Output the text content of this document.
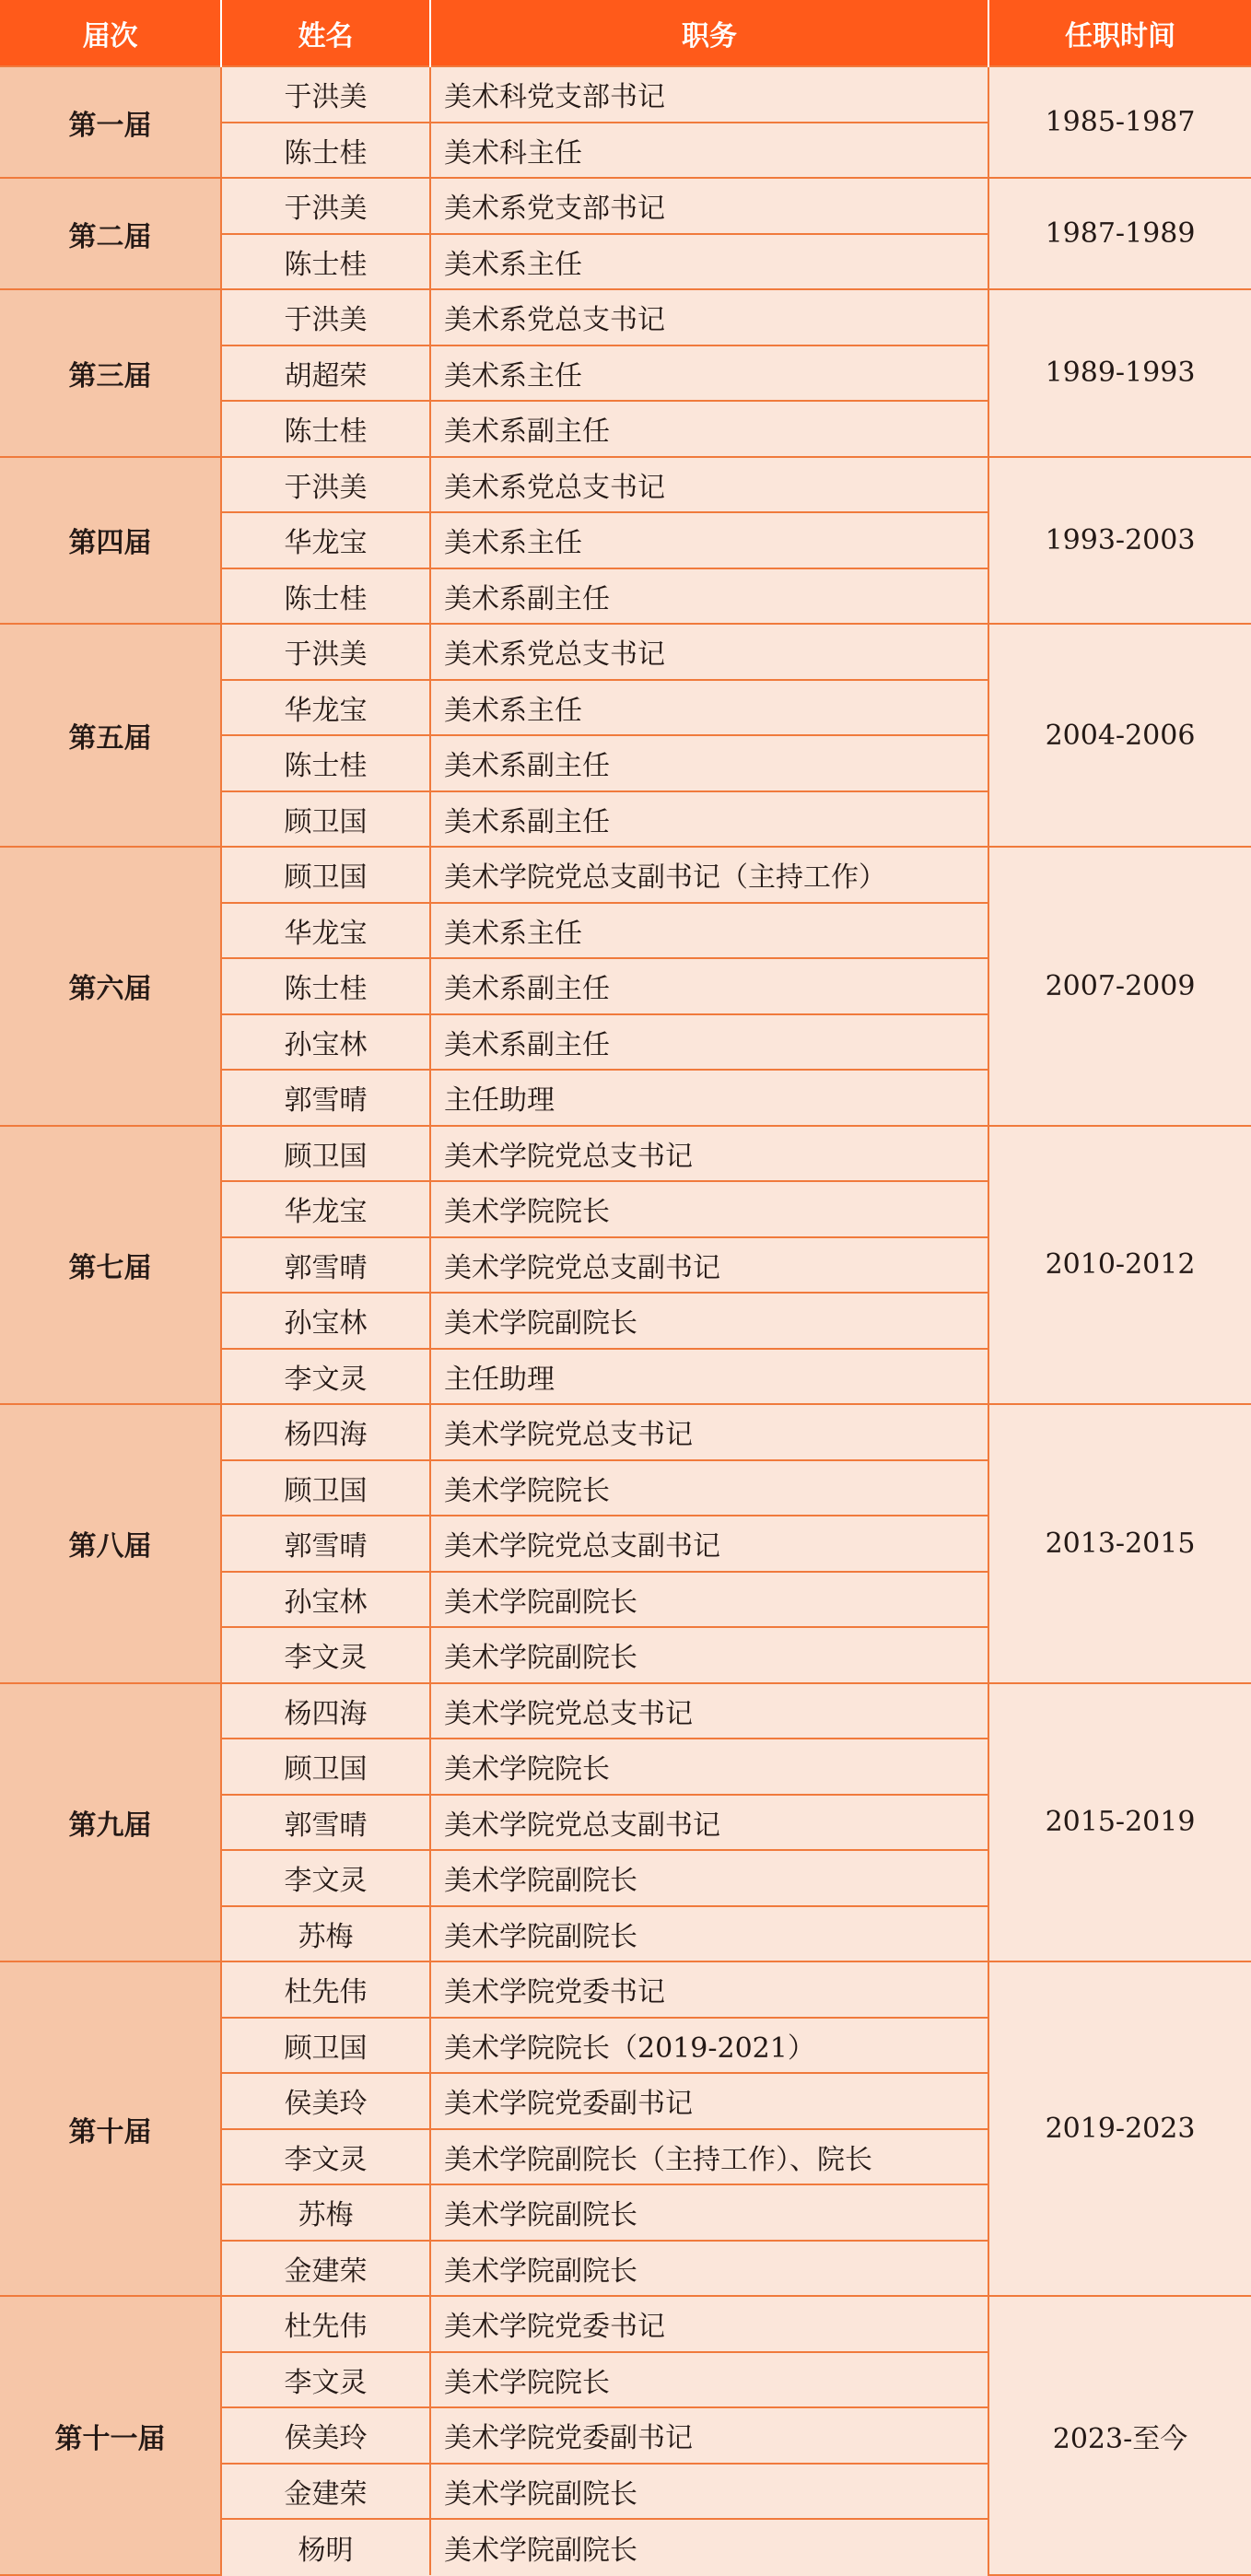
届次	姓名	职务	任职时间
第一届	于洪美	美术科党支部书记	1985-1987
	陈士桂	美术科主任	
第二届	于洪美	美术系党支部书记	1987-1989
	陈士桂	美术系主任	
第三届	于洪美	美术系党总支书记	1989-1993
	胡超荣	美术系主任	
	陈士桂	美术系副主任	
第四届	于洪美	美术系党总支书记	1993-2003
	华龙宝	美术系主任	
	陈士桂	美术系副主任	
第五届	于洪美	美术系党总支书记	2004-2006
	华龙宝	美术系主任	
	陈士桂	美术系副主任	
	顾卫国	美术系副主任	
第六届	顾卫国	美术学院党总支副书记（主持工作）	2007-2009
	华龙宝	美术系主任	
	陈士桂	美术系副主任	
	孙宝林	美术系副主任	
	郭雪晴	主任助理	
第七届	顾卫国	美术学院党总支书记	2010-2012
	华龙宝	美术学院院长	
	郭雪晴	美术学院党总支副书记	
	孙宝林	美术学院副院长	
	李文灵	主任助理	
第八届	杨四海	美术学院党总支书记	2013-2015
	顾卫国	美术学院院长	
	郭雪晴	美术学院党总支副书记	
	孙宝林	美术学院副院长	
	李文灵	美术学院副院长	
第九届	杨四海	美术学院党总支书记	2015-2019
	顾卫国	美术学院院长	
	郭雪晴	美术学院党总支副书记	
	李文灵	美术学院副院长	
	苏梅	美术学院副院长	
第十届	杜先伟	美术学院党委书记	2019-2023
	顾卫国	美术学院院长（2019-2021）	
	侯美玲	美术学院党委副书记	
	李文灵	美术学院副院长（主持工作）、院长	
	苏梅	美术学院副院长	
	金建荣	美术学院副院长	
第十一届	杜先伟	美术学院党委书记	2023-至今
	李文灵	美术学院院长	
	侯美玲	美术学院党委副书记	
	金建荣	美术学院副院长	
	杨明	美术学院副院长	
